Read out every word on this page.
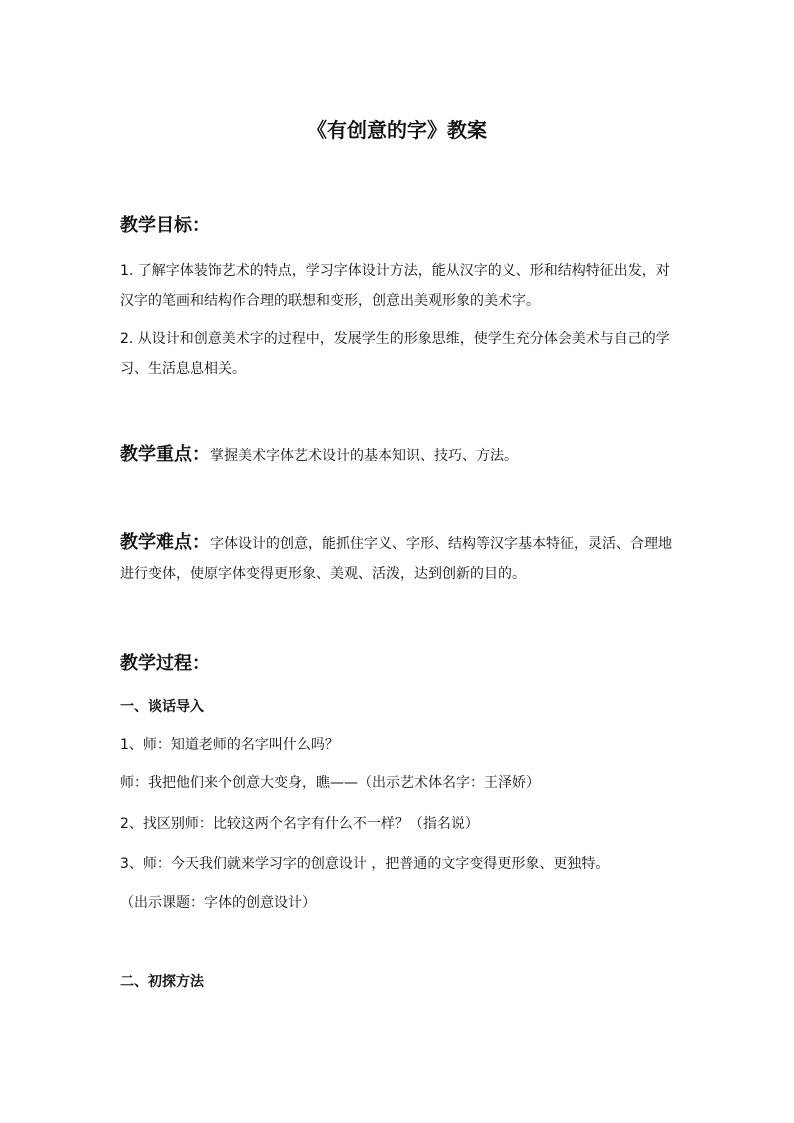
《有创意的字》教案
教学目标：
1. 了解字体装饰艺术的特点，学习字体设计方法，能从汉字的义、形和结构特征出发，对汉字的笔画和结构作合理的联想和变形，创意出美观形象的美术字。
2. 从设计和创意美术字的过程中，发展学生的形象思维，使学生充分体会美术与自己的学习、生活息息相关。
教学重点：掌握美术字体艺术设计的基本知识、技巧、方法。
教学难点：字体设计的创意，能抓住字义、字形、结构等汉字基本特征，灵活、合理地进行变体，使原字体变得更形象、美观、活泼，达到创新的目的。
教学过程：
一、谈话导入
1、师：知道老师的名字叫什么吗？
师：我把他们来个创意大变身，瞧——（出示艺术体名字：王泽娇）
2、找区别师：比较这两个名字有什么不一样？（指名说）
3、师：今天我们就来学习字的创意设计 ，把普通的文字变得更形象、更独特。
（出示课题：字体的创意设计）
二、初探方法
